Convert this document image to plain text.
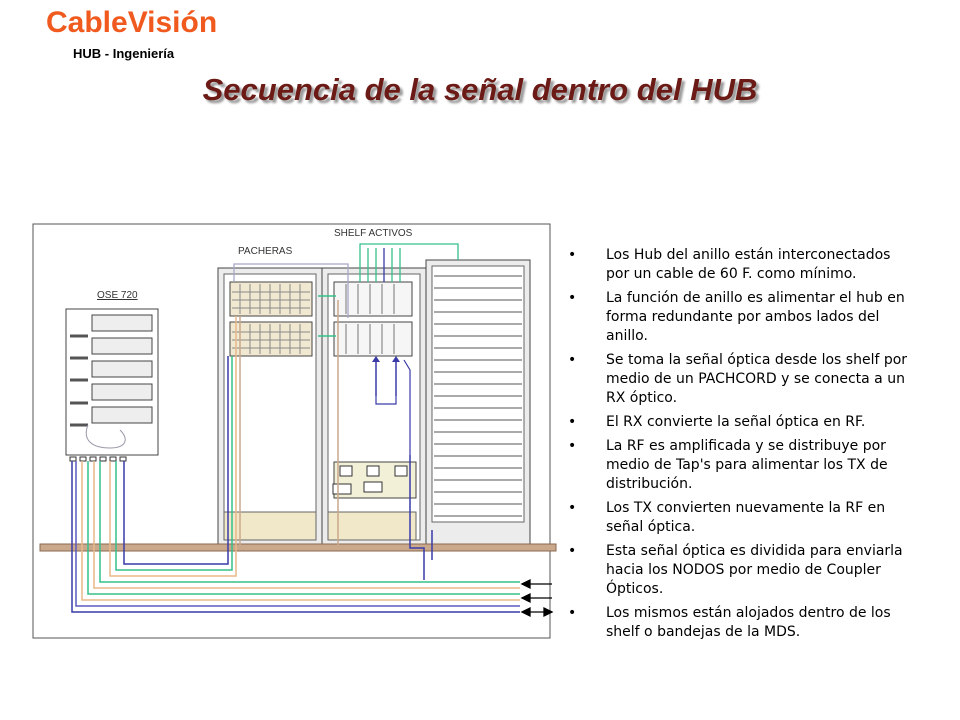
CableVisión
HUB - Ingeniería
Secuencia de la señal dentro del HUB
SHELF ACTIVOS
PACHERAS
OSE 720
• Los Hub del anillo están interconectados por un cable de 60 F. como mínimo.
• La función de anillo es alimentar el hub en forma redundante por ambos lados del anillo.
• Se toma la señal óptica desde los shelf por medio de un PACHCORD y se conecta a un RX óptico.
• El RX convierte la señal óptica en RF.
• La RF es amplificada y se distribuye por medio de Tap's para alimentar los TX de distribución.
• Los TX convierten nuevamente la RF en señal óptica.
• Esta señal óptica es dividida para enviarla hacia los NODOS por medio de Coupler Ópticos.
• Los mismos están alojados dentro de los shelf o bandejas de la MDS.
